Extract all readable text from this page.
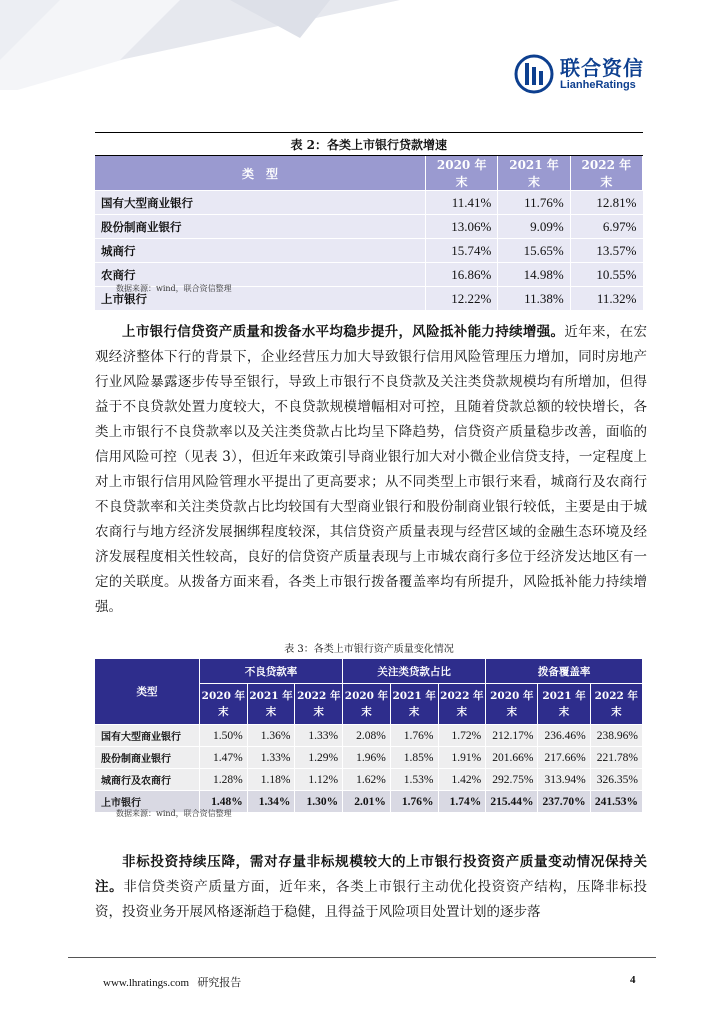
联合资信
LianheRatings
表 2：各类上市银行贷款增速			
类　型	2020 年末	2021 年末	2022 年末
国有大型商业银行	11.41%	11.76%	12.81%
股份制商业银行	13.06%	9.09%	6.97%
城商行	15.74%	15.65%	13.57%
农商行	16.86%	14.98%	10.55%
上市银行	12.22%	11.38%	11.32%
数据来源：wind，联合资信整理

上市银行信贷资产质量和拨备水平均稳步提升，风险抵补能力持续增强。近年来，在宏观经济整体下行的背景下，企业经营压力加大导致银行信用风险管理压力增加，同时房地产行业风险暴露逐步传导至银行，导致上市银行不良贷款及关注类贷款规模均有所增加，但得益于不良贷款处置力度较大，不良贷款规模增幅相对可控，且随着贷款总额的较快增长，各类上市银行不良贷款率以及关注类贷款占比均呈下降趋势，信贷资产质量稳步改善，面临的信用风险可控（见表 3），但近年来政策引导商业银行加大对小微企业信贷支持，一定程度上对上市银行信用风险管理水平提出了更高要求；从不同类型上市银行来看，城商行及农商行不良贷款率和关注类贷款占比均较国有大型商业银行和股份制商业银行较低，主要是由于城农商行与地方经济发展捆绑程度较深，其信贷资产质量表现与经营区域的金融生态环境及经济发展程度相关性较高，良好的信贷资产质量表现与上市城农商行多位于经济发达地区有一定的关联度。从拨备方面来看，各类上市银行拨备覆盖率均有所提升，风险抵补能力持续增强。

表 3：各类上市银行资产质量变化情况
类型	不良贷款率			关注类贷款占比			拨备覆盖率		
	2020 年末	2021 年末	2022 年末	2020 年末	2021 年末	2022 年末	2020 年末	2021 年末	2022 年末
国有大型商业银行	1.50%	1.36%	1.33%	2.08%	1.76%	1.72%	212.17%	236.46%	238.96%
股份制商业银行	1.47%	1.33%	1.29%	1.96%	1.85%	1.91%	201.66%	217.66%	221.78%
城商行及农商行	1.28%	1.18%	1.12%	1.62%	1.53%	1.42%	292.75%	313.94%	326.35%
上市银行	1.48%	1.34%	1.30%	2.01%	1.76%	1.74%	215.44%	237.70%	241.53%
数据来源：wind，联合资信整理

非标投资持续压降，需对存量非标规模较大的上市银行投资资产质量变动情况保持关注。非信贷类资产质量方面，近年来，各类上市银行主动优化投资资产结构，压降非标投资，投资业务开展风格逐渐趋于稳健，且得益于风险项目处置计划的逐步落

www.lhratings.com 研究报告	4
